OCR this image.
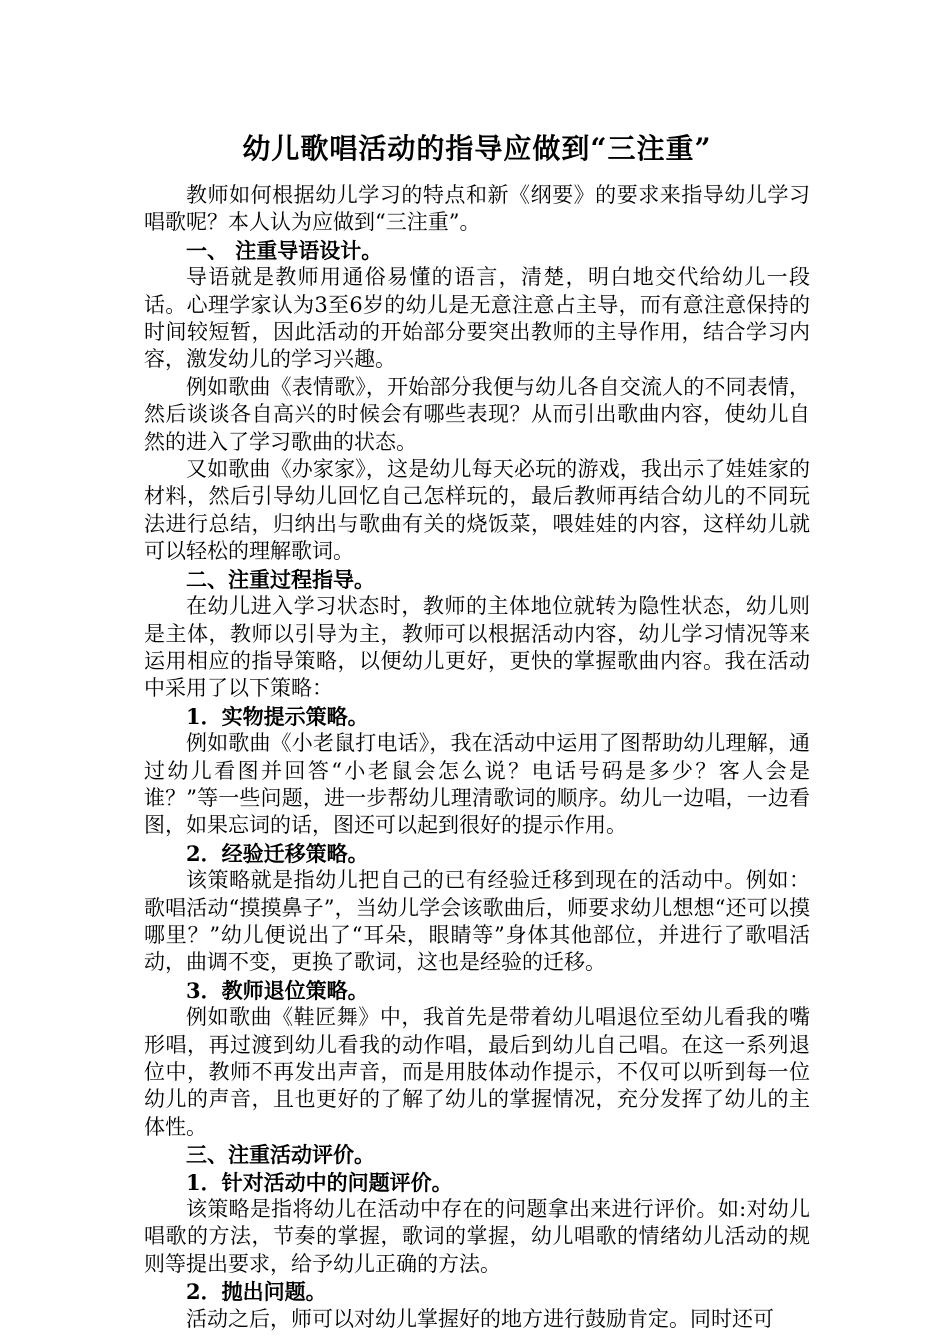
幼儿歌唱活动的指导应做到“三注重”

教师如何根据幼儿学习的特点和新《纲要》的要求来指导幼儿学习唱歌呢？本人认为应做到“三注重”。

一、 注重导语设计。

导语就是教师用通俗易懂的语言，清楚，明白地交代给幼儿一段话。心理学家认为3至6岁的幼儿是无意注意占主导，而有意注意保持的时间较短暂，因此活动的开始部分要突出教师的主导作用，结合学习内容，激发幼儿的学习兴趣。

例如歌曲《表情歌》，开始部分我便与幼儿各自交流人的不同表情，然后谈谈各自高兴的时候会有哪些表现？从而引出歌曲内容，使幼儿自然的进入了学习歌曲的状态。

又如歌曲《办家家》，这是幼儿每天必玩的游戏，我出示了娃娃家的材料，然后引导幼儿回忆自己怎样玩的，最后教师再结合幼儿的不同玩法进行总结，归纳出与歌曲有关的烧饭菜，喂娃娃的内容，这样幼儿就可以轻松的理解歌词。

二、注重过程指导。

在幼儿进入学习状态时，教师的主体地位就转为隐性状态，幼儿则是主体，教师以引导为主，教师可以根据活动内容，幼儿学习情况等来运用相应的指导策略，以便幼儿更好，更快的掌握歌曲内容。我在活动中采用了以下策略：

1．实物提示策略。

例如歌曲《小老鼠打电话》，我在活动中运用了图帮助幼儿理解，通过幼儿看图并回答“小老鼠会怎么说？电话号码是多少？客人会是谁？”等一些问题，进一步帮幼儿理清歌词的顺序。幼儿一边唱，一边看图，如果忘词的话，图还可以起到很好的提示作用。

2．经验迁移策略。

该策略就是指幼儿把自己的已有经验迁移到现在的活动中。例如：歌唱活动“摸摸鼻子”，当幼儿学会该歌曲后，师要求幼儿想想“还可以摸哪里？”幼儿便说出了“耳朵，眼睛等”身体其他部位，并进行了歌唱活动，曲调不变，更换了歌词，这也是经验的迁移。

3．教师退位策略。

例如歌曲《鞋匠舞》中，我首先是带着幼儿唱退位至幼儿看我的嘴形唱，再过渡到幼儿看我的动作唱，最后到幼儿自己唱。在这一系列退位中，教师不再发出声音，而是用肢体动作提示，不仅可以听到每一位幼儿的声音，且也更好的了解了幼儿的掌握情况，充分发挥了幼儿的主体性。

三、注重活动评价。

1．针对活动中的问题评价。

该策略是指将幼儿在活动中存在的问题拿出来进行评价。如:对幼儿唱歌的方法，节奏的掌握，歌词的掌握，幼儿唱歌的情绪幼儿活动的规则等提出要求，给予幼儿正确的方法。

2．抛出问题。

活动之后，师可以对幼儿掌握好的地方进行鼓励肯定。同时还可
